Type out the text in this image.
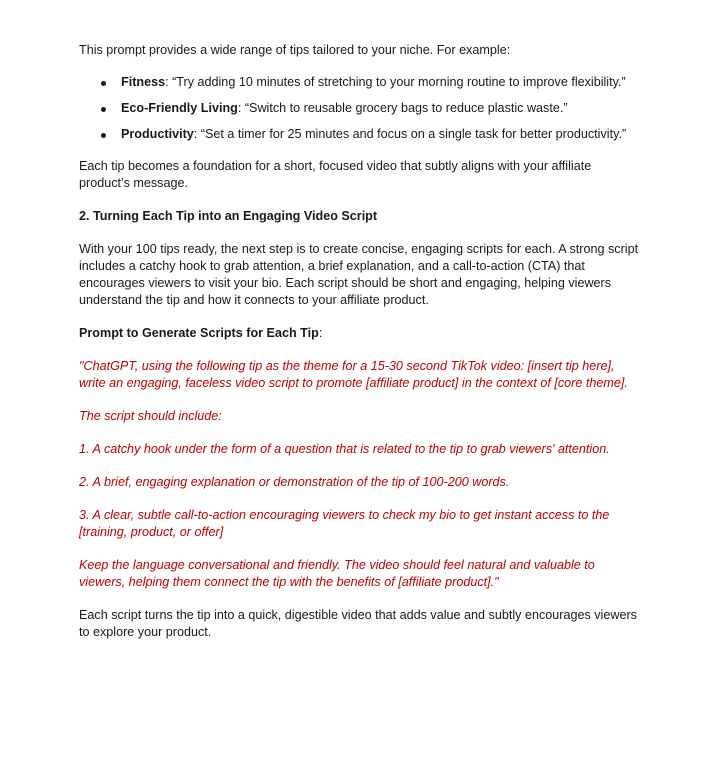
This prompt provides a wide range of tips tailored to your niche. For example:

Fitness: “Try adding 10 minutes of stretching to your morning routine to improve flexibility.”
Eco-Friendly Living: “Switch to reusable grocery bags to reduce plastic waste.”
Productivity: “Set a timer for 25 minutes and focus on a single task for better productivity.”

Each tip becomes a foundation for a short, focused video that subtly aligns with your affiliate product’s message.

2. Turning Each Tip into an Engaging Video Script

With your 100 tips ready, the next step is to create concise, engaging scripts for each. A strong script includes a catchy hook to grab attention, a brief explanation, and a call-to-action (CTA) that encourages viewers to visit your bio. Each script should be short and engaging, helping viewers understand the tip and how it connects to your affiliate product.

Prompt to Generate Scripts for Each Tip:

"ChatGPT, using the following tip as the theme for a 15-30 second TikTok video: [insert tip here], write an engaging, faceless video script to promote [affiliate product] in the context of [core theme].

The script should include:

1. A catchy hook under the form of a question that is related to the tip to grab viewers' attention.

2. A brief, engaging explanation or demonstration of the tip of 100-200 words.

3. A clear, subtle call-to-action encouraging viewers to check my bio to get instant access to the [training, product, or offer]

Keep the language conversational and friendly. The video should feel natural and valuable to viewers, helping them connect the tip with the benefits of [affiliate product]."

Each script turns the tip into a quick, digestible video that adds value and subtly encourages viewers to explore your product.
